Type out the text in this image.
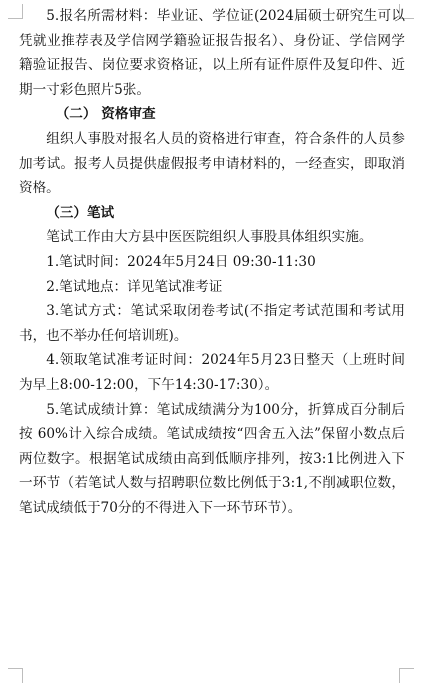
5.报名所需材料：毕业证、学位证(2024届硕士研究生可以凭就业推荐表及学信网学籍验证报告报名）、身份证、学信网学籍验证报告、岗位要求资格证，以上所有证件原件及复印件、近期一寸彩色照片5张。

（二） 资格审查

组织人事股对报名人员的资格进行审查，符合条件的人员参加考试。报考人员提供虚假报考申请材料的，一经查实，即取消资格。

（三）笔试

笔试工作由大方县中医医院组织人事股具体组织实施。

1.笔试时间：2024年5月24日 09:30-11:30

2.笔试地点：详见笔试准考证

3.笔试方式：笔试采取闭卷考试(不指定考试范围和考试用书，也不举办任何培训班)。

4.领取笔试准考证时间：2024年5月23日整天（上班时间为早上8:00-12:00，下午14:30-17:30）。

5.笔试成绩计算：笔试成绩满分为100分，折算成百分制后按 60%计入综合成绩。笔试成绩按“四舍五入法”保留小数点后两位数字。根据笔试成绩由高到低顺序排列，按3:1比例进入下一环节（若笔试人数与招聘职位数比例低于3:1,不削减职位数，笔试成绩低于70分的不得进入下一环节环节）。
